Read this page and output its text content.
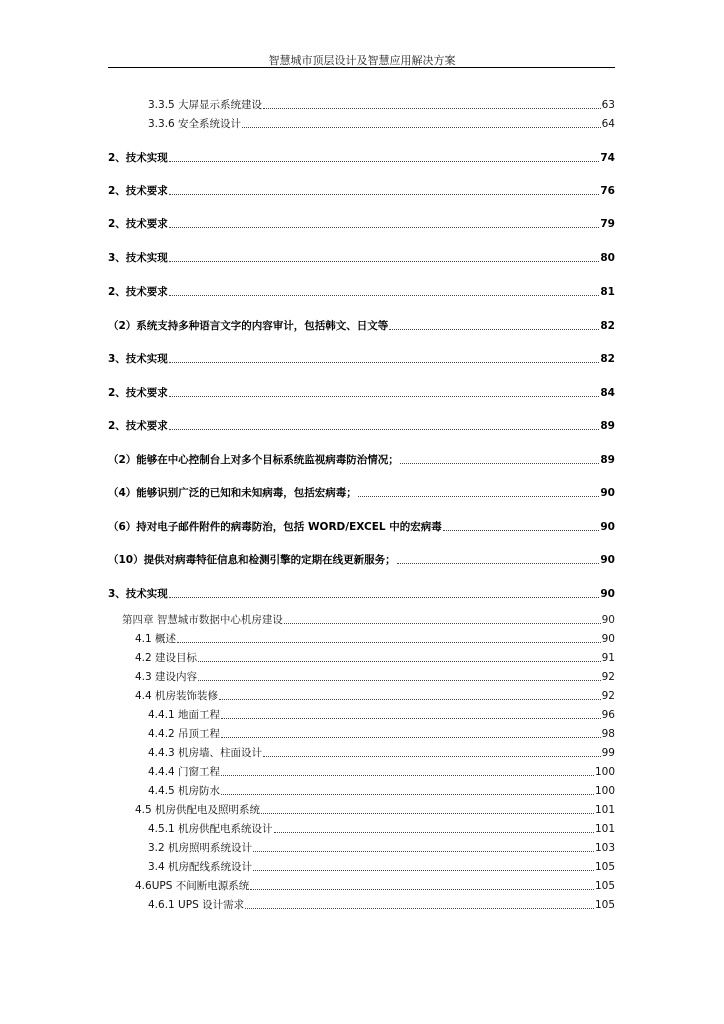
智慧城市顶层设计及智慧应用解决方案
3.3.5 大屏显示系统建设	63
3.3.6 安全系统设计	64
2、技术实现	74
2、技术要求	76
2、技术要求	79
3、技术实现	80
2、技术要求	81
（2）系统支持多种语言文字的内容审计，包括韩文、日文等	82
3、技术实现	82
2、技术要求	84
2、技术要求	89
（2）能够在中心控制台上对多个目标系统监视病毒防治情况；	89
（4）能够识别广泛的已知和未知病毒，包括宏病毒；	90
（6）持对电子邮件附件的病毒防治，包括 WORD/EXCEL 中的宏病毒	90
（10）提供对病毒特征信息和检测引擎的定期在线更新服务；	90
3、技术实现	90
第四章 智慧城市数据中心机房建设	90
4.1 概述	90
4.2 建设目标	91
4.3 建设内容	92
4.4 机房装饰装修	92
4.4.1 地面工程	96
4.4.2 吊顶工程	98
4.4.3 机房墙、柱面设计	99
4.4.4 门窗工程	100
4.4.5 机房防水	100
4.5 机房供配电及照明系统	101
4.5.1 机房供配电系统设计	101
3.2 机房照明系统设计	103
3.4 机房配线系统设计	105
4.6UPS 不间断电源系统	105
4.6.1 UPS 设计需求	105
